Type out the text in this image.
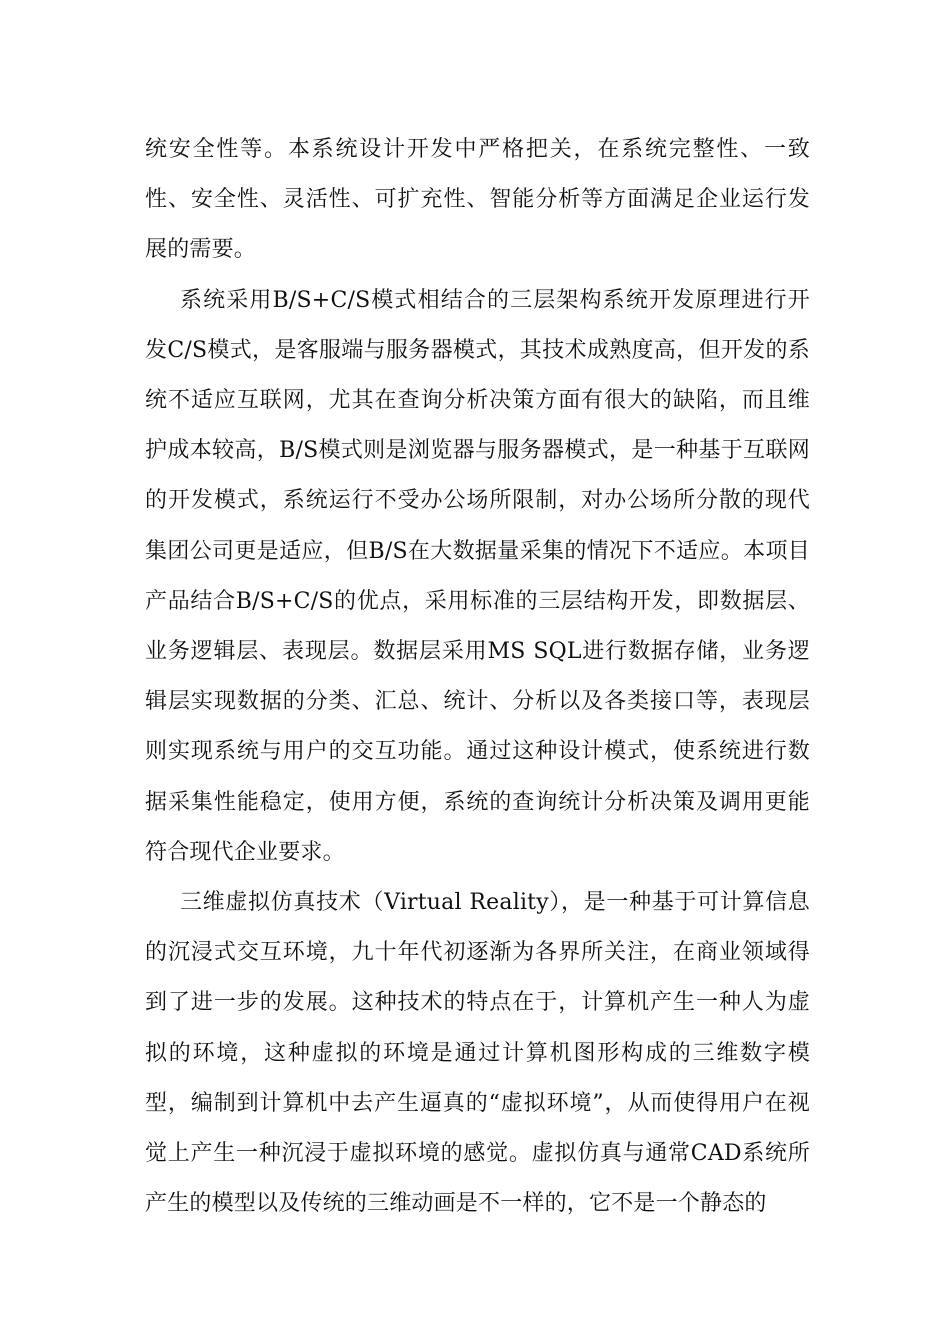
统安全性等。本系统设计开发中严格把关，在系统完整性、一致性、安全性、灵活性、可扩充性、智能分析等方面满足企业运行发展的需要。

系统采用B/S+C/S模式相结合的三层架构系统开发原理进行开发C/S模式，是客服端与服务器模式，其技术成熟度高，但开发的系统不适应互联网，尤其在查询分析决策方面有很大的缺陷，而且维护成本较高，B/S模式则是浏览器与服务器模式，是一种基于互联网的开发模式，系统运行不受办公场所限制，对办公场所分散的现代集团公司更是适应，但B/S在大数据量采集的情况下不适应。本项目产品结合B/S+C/S的优点，采用标准的三层结构开发，即数据层、业务逻辑层、表现层。数据层采用MS SQL进行数据存储，业务逻辑层实现数据的分类、汇总、统计、分析以及各类接口等，表现层则实现系统与用户的交互功能。通过这种设计模式，使系统进行数据采集性能稳定，使用方便，系统的查询统计分析决策及调用更能符合现代企业要求。

三维虚拟仿真技术（Virtual Reality），是一种基于可计算信息的沉浸式交互环境，九十年代初逐渐为各界所关注，在商业领域得到了进一步的发展。这种技术的特点在于，计算机产生一种人为虚拟的环境，这种虚拟的环境是通过计算机图形构成的三维数字模型，编制到计算机中去产生逼真的“虚拟环境”，从而使得用户在视觉上产生一种沉浸于虚拟环境的感觉。虚拟仿真与通常CAD系统所产生的模型以及传统的三维动画是不一样的，它不是一个静态的
